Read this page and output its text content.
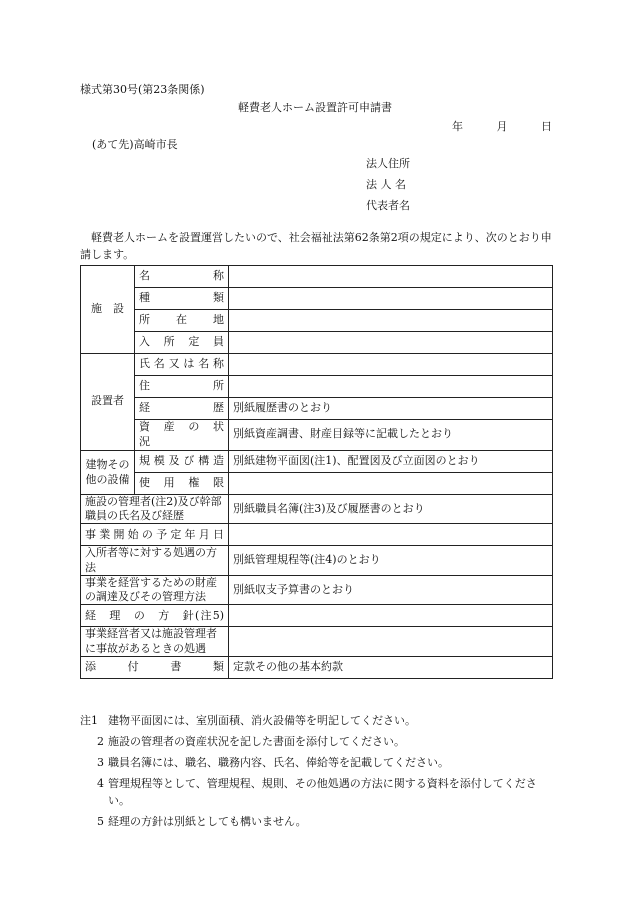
様式第30号(第23条関係)
軽費老人ホーム設置許可申請書
年	月	日
(あて先)高崎市長
法人住所
法 人 名
代表者名
軽費老人ホームを設置運営したいので、社会福祉法第62条第2項の規定により、次のとおり申請します。
施　設	名　　称	
	種　　類	
	所　在　地	
	入　所　定　員	
設置者	氏名又は名称	
	住　　所	
	経　　歴	別紙履歴書のとおり
	資　産　の　状　況	別紙資産調書、財産目録等に記載したとおり
建物その他の設備	規模及び構造	別紙建物平面図(注1)、配置図及び立面図のとおり
	使　用　権　限	
施設の管理者(注2)及び幹部職員の氏名及び経歴		別紙職員名簿(注3)及び履歴書のとおり
事業開始の予定年月日		
入所者等に対する処遇の方法		別紙管理規程等(注4)のとおり
事業を経営するための財産の調達及びその管理方法		別紙収支予算書のとおり
経　理　の　方　針(注5)		
事業経営者又は施設管理者に事故があるときの処遇		
添　付　書　類		定款その他の基本約款
注1 建物平面図には、室別面積、消火設備等を明記してください。
2 施設の管理者の資産状況を記した書面を添付してください。
3 職員名簿には、職名、職務内容、氏名、俸給等を記載してください。
4 管理規程等として、管理規程、規則、その他処遇の方法に関する資料を添付してください。
5 経理の方針は別紙としても構いません。
